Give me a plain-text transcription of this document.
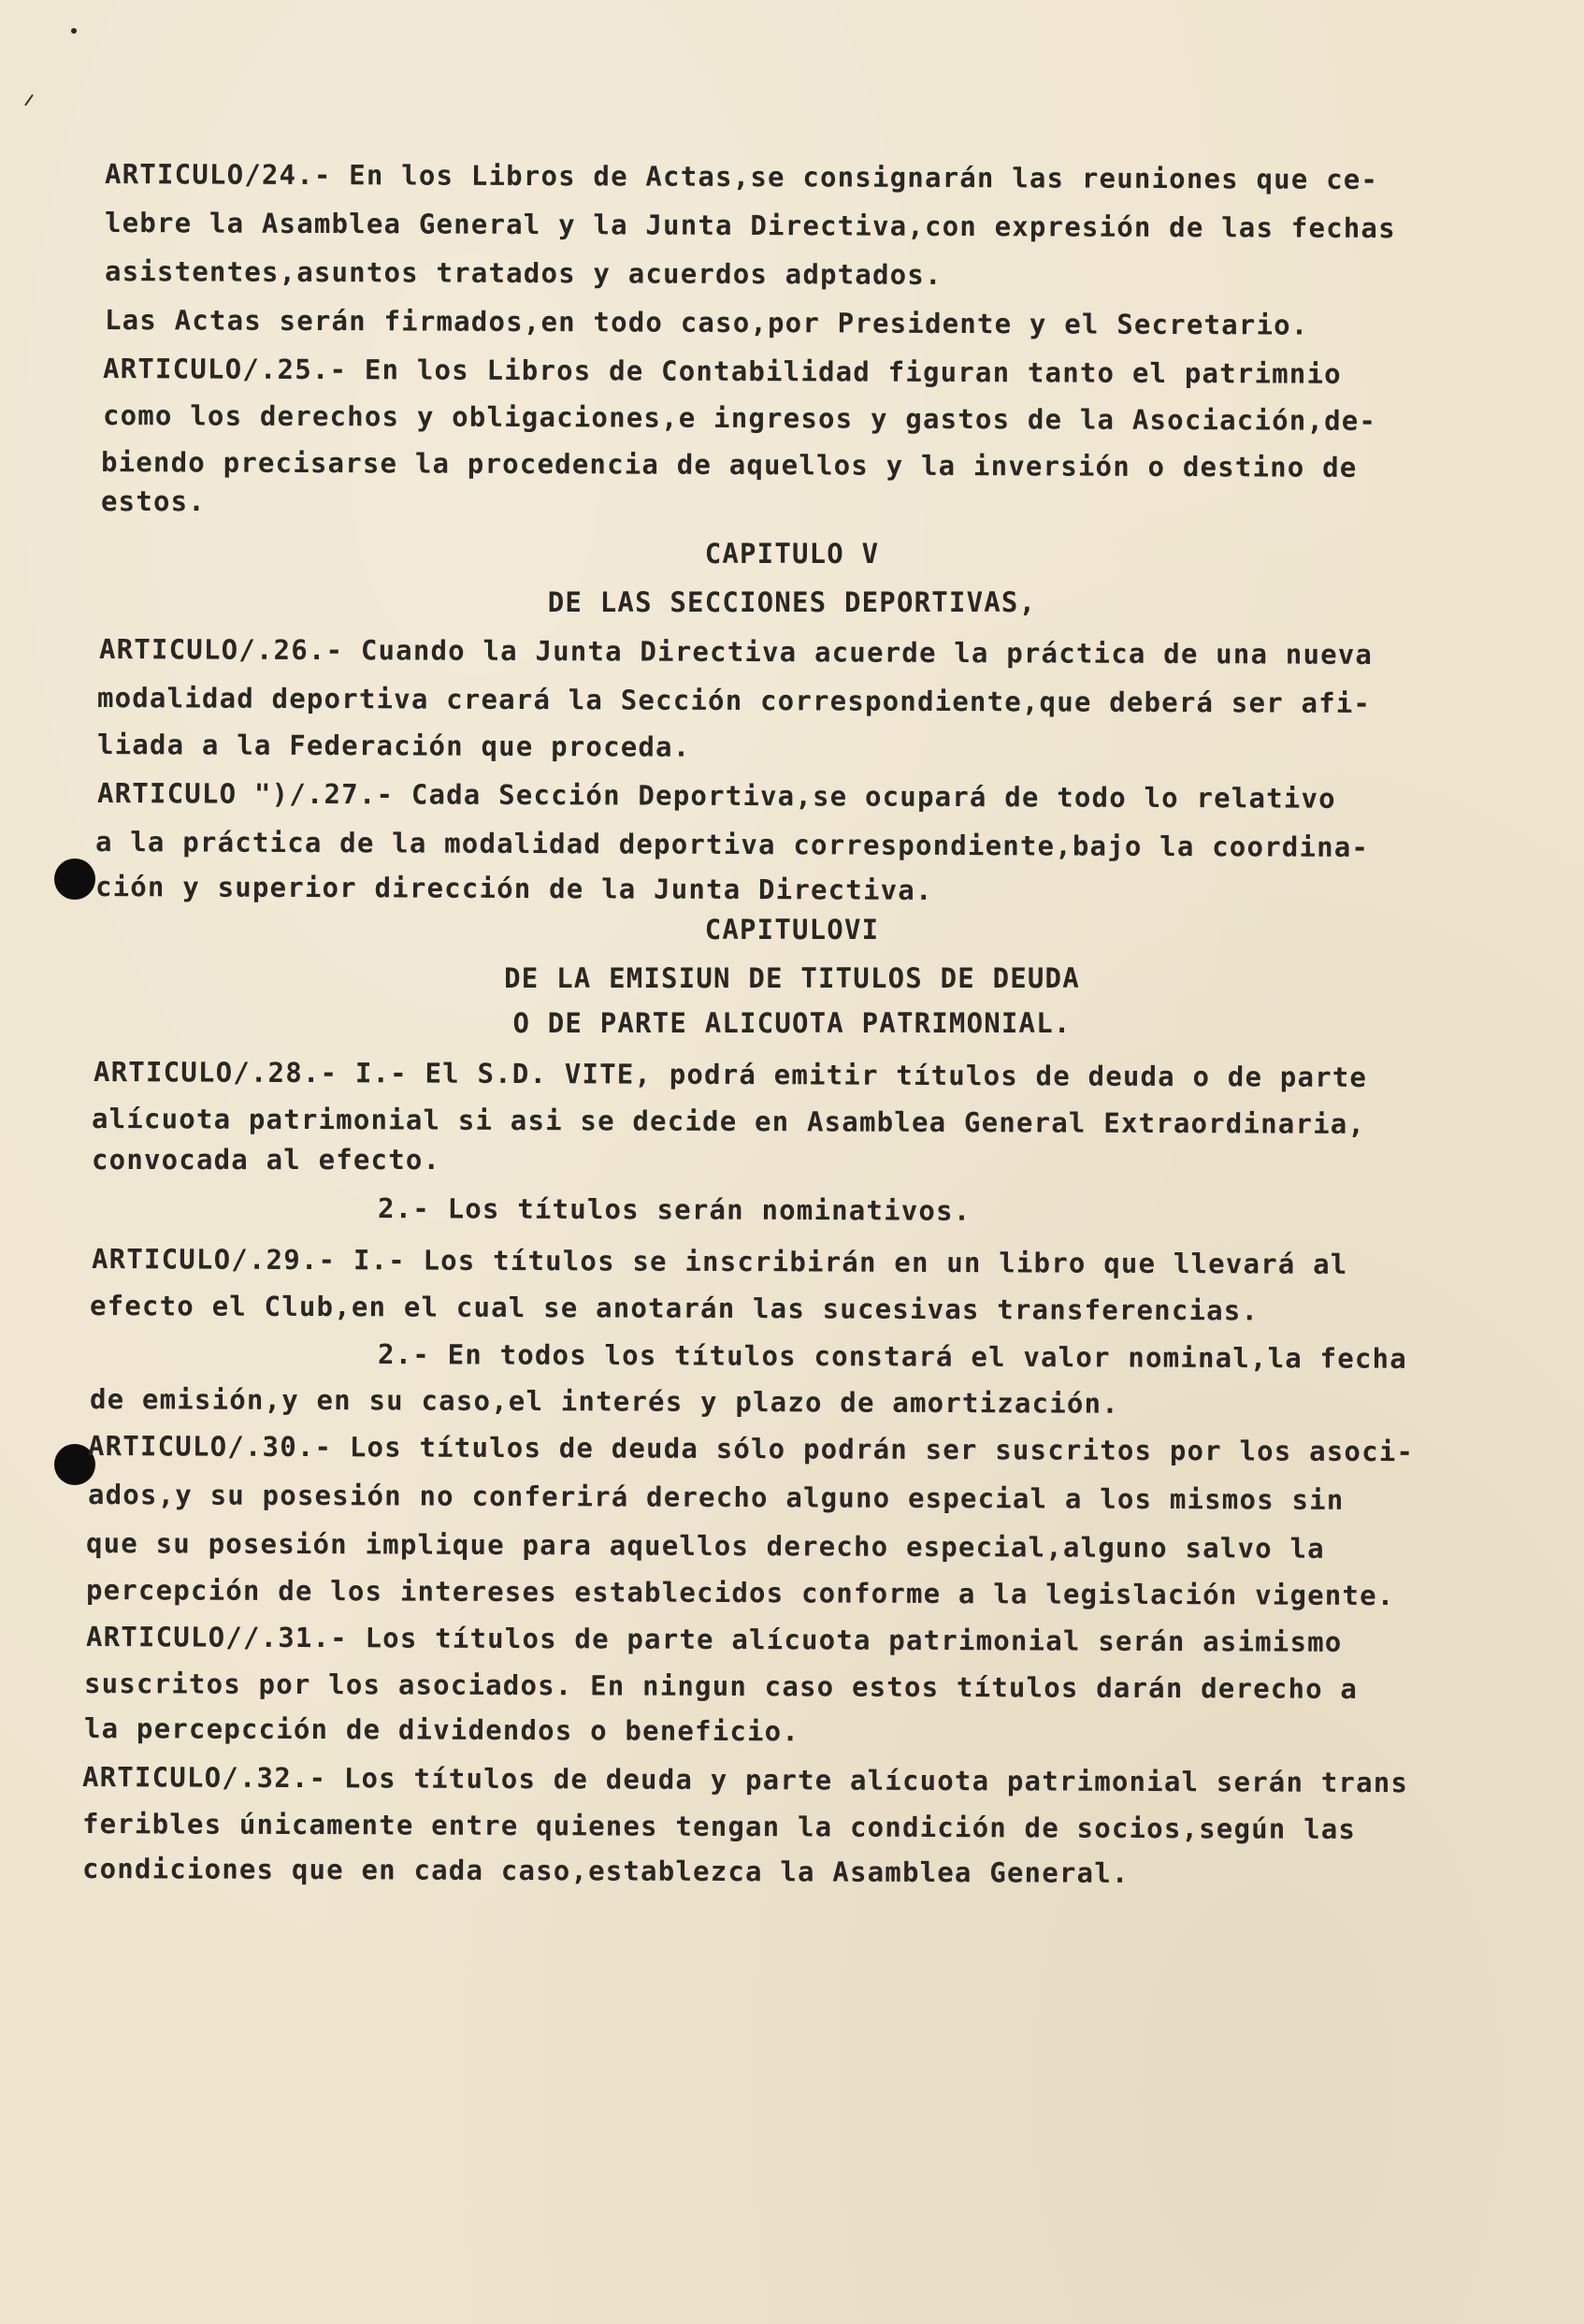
ARTICULO/24.- En los Libros de Actas,se consignarán las reuniones que ce-
lebre la Asamblea General y la Junta Directiva,con expresión de las fechas
asistentes,asuntos tratados y acuerdos adptados.
Las Actas serán firmados,en todo caso,por Presidente y el Secretario.
ARTICULO/.25.- En los Libros de Contabilidad figuran tanto el patrimnio
como los derechos y obligaciones,e ingresos y gastos de la Asociación,de-
biendo precisarse la procedencia de aquellos y la inversión o destino de
estos.
CAPITULO V
DE LAS SECCIONES DEPORTIVAS,
ARTICULO/.26.- Cuando la Junta Directiva acuerde la práctica de una nueva
modalidad deportiva creará la Sección correspondiente,que deberá ser afi-
liada a la Federación que proceda.
ARTICULO ")/.27.- Cada Sección Deportiva,se ocupará de todo lo relativo
a la práctica de la modalidad deportiva correspondiente,bajo la coordina-
ción y superior dirección de la Junta Directiva.
CAPITULOVI
DE LA EMISIUN DE TITULOS DE DEUDA
O DE PARTE ALICUOTA PATRIMONIAL.
ARTICULO/.28.- I.- El S.D. VITE, podrá emitir títulos de deuda o de parte
alícuota patrimonial si asi se decide en Asamblea General Extraordinaria,
convocada al efecto.
2.- Los títulos serán nominativos.
ARTICULO/.29.- I.- Los títulos se inscribirán en un libro que llevará al
efecto el Club,en el cual se anotarán las sucesivas transferencias.
2.- En todos los títulos constará el valor nominal,la fecha
de emisión,y en su caso,el interés y plazo de amortización.
ARTICULO/.30.- Los títulos de deuda sólo podrán ser suscritos por los asoci-
ados,y su posesión no conferirá derecho alguno especial a los mismos sin
que su posesión implique para aquellos derecho especial,alguno salvo la
percepción de los intereses establecidos conforme a la legislación vigente.
ARTICULO//.31.- Los títulos de parte alícuota patrimonial serán asimismo
suscritos por los asociados. En ningun caso estos títulos darán derecho a
la percepcción de dividendos o beneficio.
ARTICULO/.32.- Los títulos de deuda y parte alícuota patrimonial serán trans
feribles únicamente entre quienes tengan la condición de socios,según las
condiciones que en cada caso,establezca la Asamblea General.
